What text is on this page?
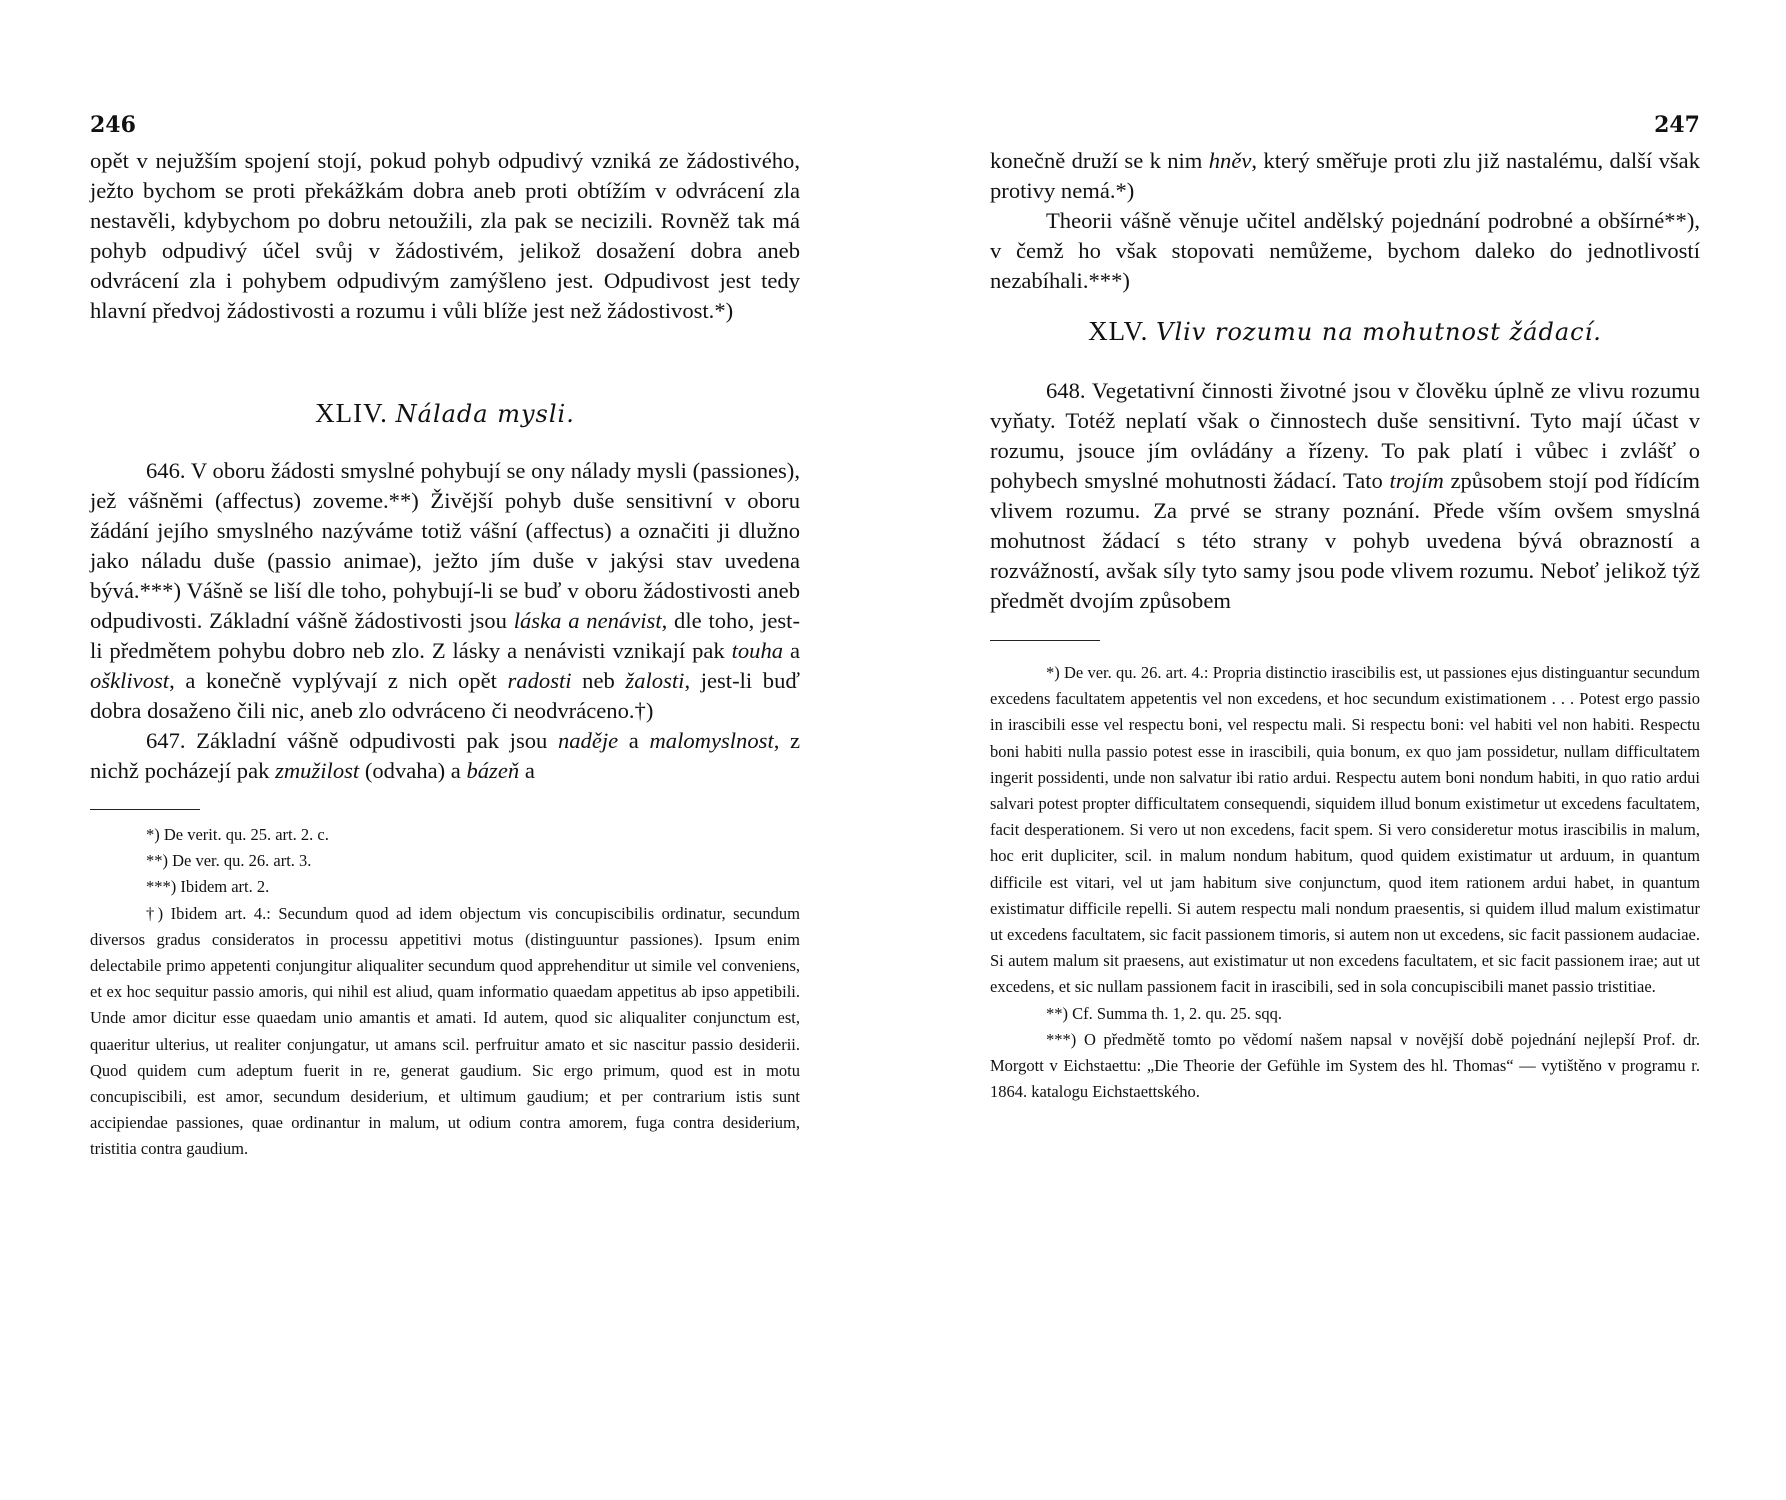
246

opět v nejužším spojení stojí, pokud pohyb odpudivý vzniká ze žádostivého, ježto bychom se proti překážkám dobra aneb proti obtížím v odvrácení zla nestavěli, kdybychom po dobru netoužili, zla pak se necizili. Rovněž tak má pohyb odpudivý účel svůj v žádostivém, jelikož dosažení dobra aneb odvrácení zla i pohybem odpudivým zamýšleno jest. Odpudivost jest tedy hlavní předvoj žádostivosti a rozumu i vůli blíže jest než žádostivost.*)

XLIV. Nálada mysli.

646. V oboru žádosti smyslné pohybují se ony nálady mysli (passiones), jež vášněmi (affectus) zoveme.**) Živější pohyb duše sensitivní v oboru žádání jejího smyslného nazýváme totiž vášní (affectus) a označiti ji dlužno jako náladu duše (passio animae), ježto jím duše v jakýsi stav uvedena bývá.***) Vášně se liší dle toho, pohybují-li se buď v oboru žádostivosti aneb odpudivosti. Základní vášně žádostivosti jsou láska a nenávist, dle toho, jest-li předmětem pohybu dobro neb zlo. Z lásky a nenávisti vznikají pak touha a ošklivost, a konečně vyplývají z nich opět radosti neb žalosti, jest-li buď dobra dosaženo čili nic, aneb zlo odvráceno či neodvráceno.†)

647. Základní vášně odpudivosti pak jsou naděje a malomyslnost, z nichž pocházejí pak zmužilost (odvaha) a bázeň a

*) De verit. qu. 25. art. 2. c.

**) De ver. qu. 26. art. 3.

***) Ibidem art. 2.

†) Ibidem art. 4.: Secundum quod ad idem objectum vis concupiscibilis ordinatur, secundum diversos gradus consideratos in processu appetitivi motus (distinguuntur passiones). Ipsum enim delectabile primo appetenti conjungitur aliqualiter secundum quod apprehenditur ut simile vel conveniens, et ex hoc sequitur passio amoris, qui nihil est aliud, quam informatio quaedam appetitus ab ipso appetibili. Unde amor dicitur esse quaedam unio amantis et amati. Id autem, quod sic aliqualiter conjunctum est, quaeritur ulterius, ut realiter conjungatur, ut amans scil. perfruitur amato et sic nascitur passio desiderii. Quod quidem cum adeptum fuerit in re, generat gaudium. Sic ergo primum, quod est in motu concupiscibili, est amor, secundum desiderium, et ultimum gaudium; et per contrarium istis sunt accipiendae passiones, quae ordinantur in malum, ut odium contra amorem, fuga contra desiderium, tristitia contra gaudium.

247

konečně druží se k nim hněv, který směřuje proti zlu již nastalému, další však protivy nemá.*)

Theorii vášně věnuje učitel andělský pojednání podrobné a obšírné**), v čemž ho však stopovati nemůžeme, bychom daleko do jednotlivostí nezabíhali.***)

XLV. Vliv rozumu na mohutnost žádací.

648. Vegetativní činnosti životné jsou v člověku úplně ze vlivu rozumu vyňaty. Totéž neplatí však o činnostech duše sensitivní. Tyto mají účast v rozumu, jsouce jím ovládány a řízeny. To pak platí i vůbec i zvlášť o pohybech smyslné mohutnosti žádací. Tato trojím způsobem stojí pod řídícím vlivem rozumu. Za prvé se strany poznání. Přede vším ovšem smyslná mohutnost žádací s této strany v pohyb uvedena bývá obrazností a rozvážností, avšak síly tyto samy jsou pode vlivem rozumu. Neboť jelikož týž předmět dvojím způsobem

*) De ver. qu. 26. art. 4.: Propria distinctio irascibilis est, ut passiones ejus distinguantur secundum excedens facultatem appetentis vel non excedens, et hoc secundum existimationem . . . Potest ergo passio in irascibili esse vel respectu boni, vel respectu mali. Si respectu boni: vel habiti vel non habiti. Respectu boni habiti nulla passio potest esse in irascibili, quia bonum, ex quo jam possidetur, nullam difficultatem ingerit possidenti, unde non salvatur ibi ratio ardui. Respectu autem boni nondum habiti, in quo ratio ardui salvari potest propter difficultatem consequendi, siquidem illud bonum existimetur ut excedens facultatem, facit desperationem. Si vero ut non excedens, facit spem. Si vero consideretur motus irascibilis in malum, hoc erit dupliciter, scil. in malum nondum habitum, quod quidem existimatur ut arduum, in quantum difficile est vitari, vel ut jam habitum sive conjunctum, quod item rationem ardui habet, in quantum existimatur difficile repelli. Si autem respectu mali nondum praesentis, si quidem illud malum existimatur ut excedens facultatem, sic facit passionem timoris, si autem non ut excedens, sic facit passionem audaciae. Si autem malum sit praesens, aut existimatur ut non excedens facultatem, et sic facit passionem irae; aut ut excedens, et sic nullam passionem facit in irascibili, sed in sola concupiscibili manet passio tristitiae.

**) Cf. Summa th. 1, 2. qu. 25. sqq.

***) O předmětě tomto po vědomí našem napsal v novější době pojednání nejlepší Prof. dr. Morgott v Eichstaettu: „Die Theorie der Gefühle im System des hl. Thomas“ — vytištěno v programu r. 1864. katalogu Eichstaettského.
